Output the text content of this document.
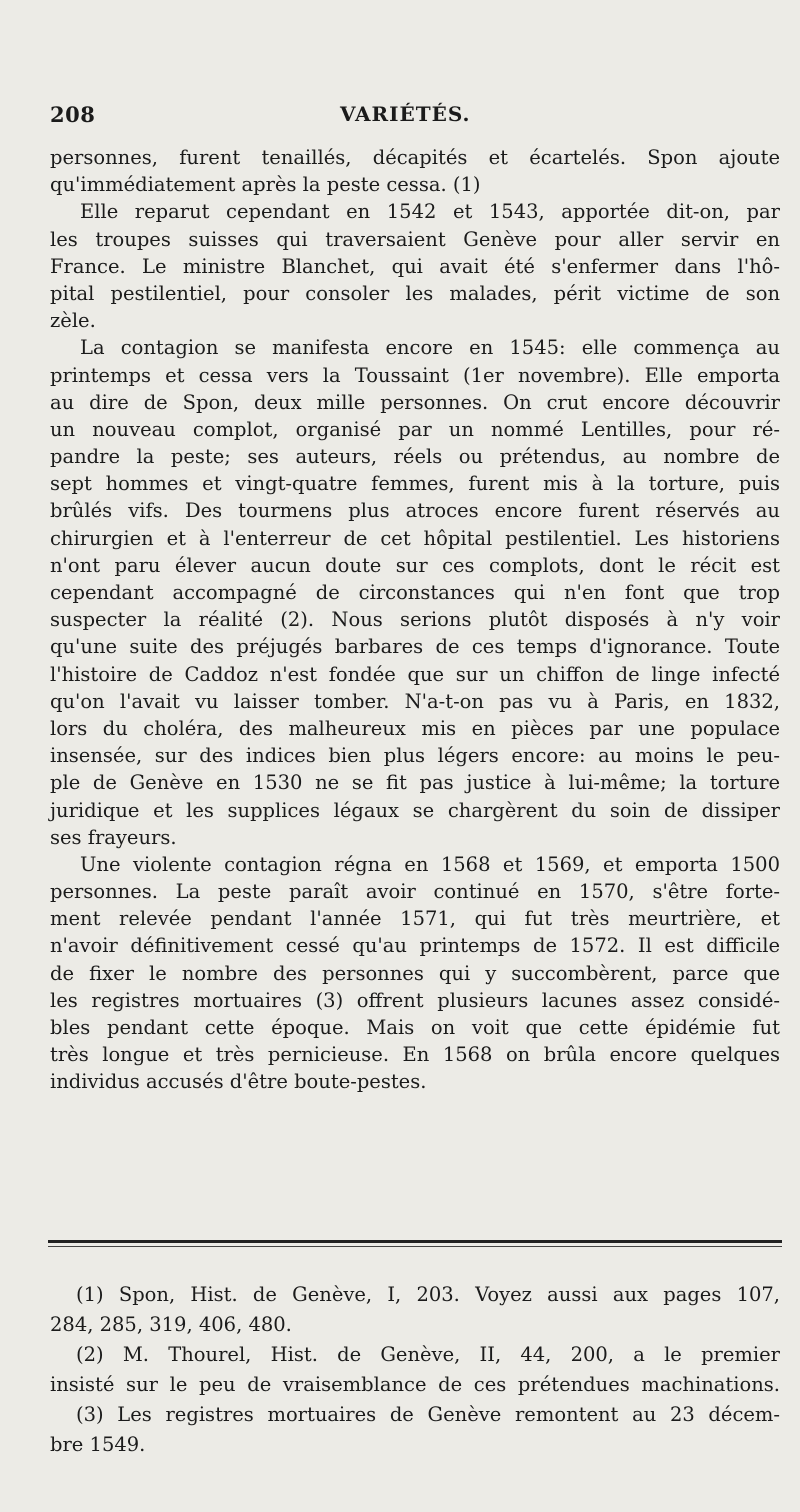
208	VARIÉTÉS.
personnes, furent tenaillés, décapités et écartelés. Spon ajoute
qu'immédiatement après la peste cessa. (1)
Elle reparut cependant en 1542 et 1543, apportée dit-on, par
les troupes suisses qui traversaient Genève pour aller servir en
France. Le ministre Blanchet, qui avait été s'enfermer dans l'hô-
pital pestilentiel, pour consoler les malades, périt victime de son
zèle.
La contagion se manifesta encore en 1545: elle commença au
printemps et cessa vers la Toussaint (1er novembre). Elle emporta
au dire de Spon, deux mille personnes. On crut encore découvrir
un nouveau complot, organisé par un nommé Lentilles, pour ré-
pandre la peste; ses auteurs, réels ou prétendus, au nombre de
sept hommes et vingt-quatre femmes, furent mis à la torture, puis
brûlés vifs. Des tourmens plus atroces encore furent réservés au
chirurgien et à l'enterreur de cet hôpital pestilentiel. Les historiens
n'ont paru élever aucun doute sur ces complots, dont le récit est
cependant accompagné de circonstances qui n'en font que trop
suspecter la réalité (2). Nous serions plutôt disposés à n'y voir
qu'une suite des préjugés barbares de ces temps d'ignorance. Toute
l'histoire de Caddoz n'est fondée que sur un chiffon de linge infecté
qu'on l'avait vu laisser tomber. N'a-t-on pas vu à Paris, en 1832,
lors du choléra, des malheureux mis en pièces par une populace
insensée, sur des indices bien plus légers encore: au moins le peu-
ple de Genève en 1530 ne se fit pas justice à lui-même; la torture
juridique et les supplices légaux se chargèrent du soin de dissiper
ses frayeurs.
Une violente contagion régna en 1568 et 1569, et emporta 1500
personnes. La peste paraît avoir continué en 1570, s'être forte-
ment relevée pendant l'année 1571, qui fut très meurtrière, et
n'avoir définitivement cessé qu'au printemps de 1572. Il est difficile
de fixer le nombre des personnes qui y succombèrent, parce que
les registres mortuaires (3) offrent plusieurs lacunes assez considé-
bles pendant cette époque. Mais on voit que cette épidémie fut
très longue et très pernicieuse. En 1568 on brûla encore quelques
individus accusés d'être boute-pestes.
(1) Spon, Hist. de Genève, I, 203. Voyez aussi aux pages 107,
284, 285, 319, 406, 480.
(2) M. Thourel, Hist. de Genève, II, 44, 200, a le premier
insisté sur le peu de vraisemblance de ces prétendues machinations.
(3) Les registres mortuaires de Genève remontent au 23 décem-
bre 1549.
